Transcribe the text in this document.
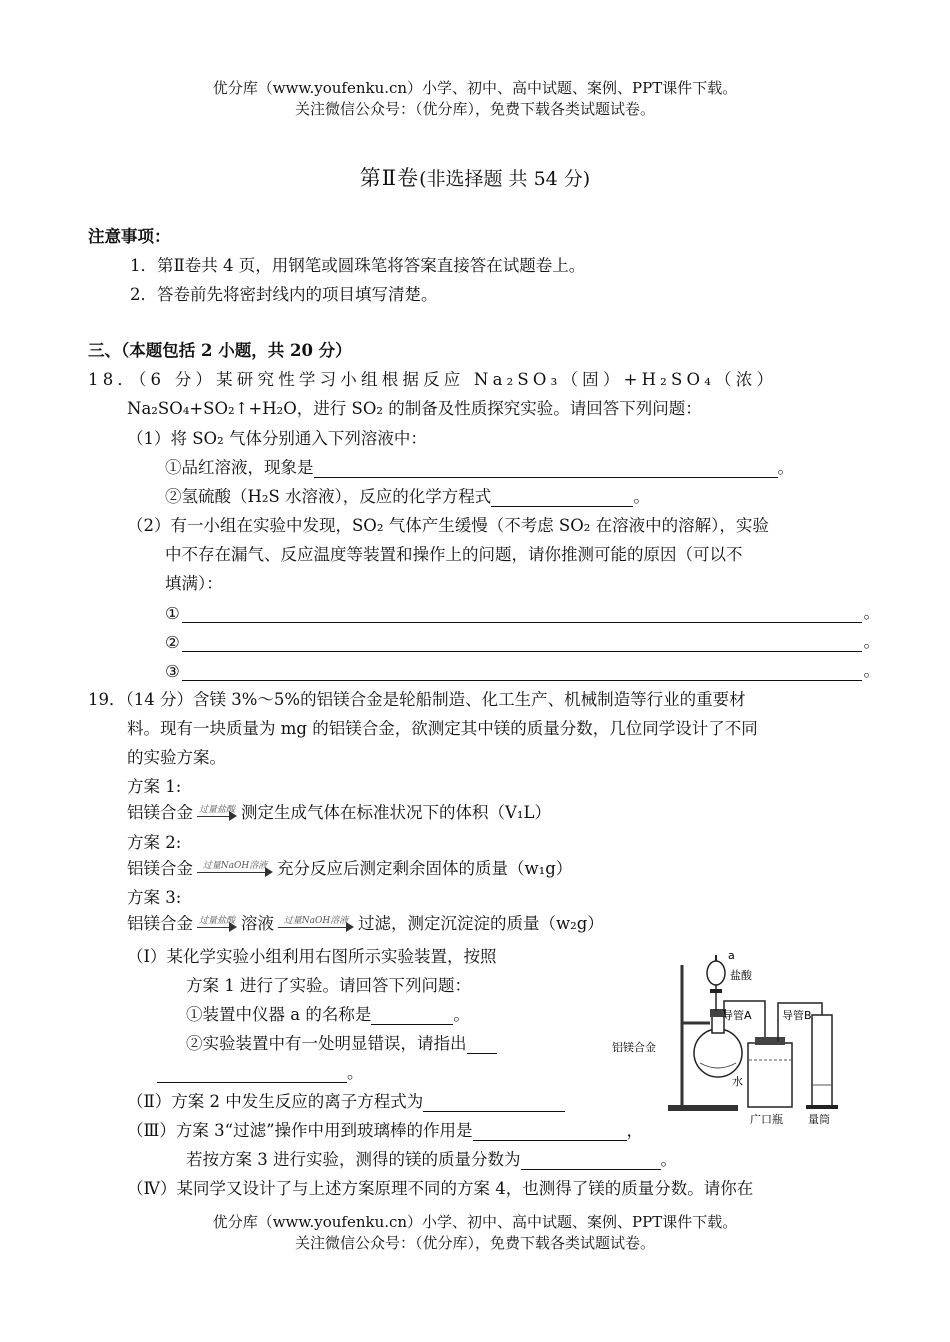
优分库（www.youfenku.cn）小学、初中、高中试题、案例、PPT课件下载。
关注微信公众号：（优分库），免费下载各类试题试卷。
第Ⅱ卷(非选择题 共 54 分)
注意事项：
1．第Ⅱ卷共 4 页，用钢笔或圆珠笔将答案直接答在试题卷上。
2．答卷前先将密封线内的项目填写清楚。
三、（本题包括 2 小题，共 20 分）
18．（6 分）某研究性学习小组根据反应 Na₂SO₃（固）+H₂SO₄（浓）
Na₂SO₄+SO₂↑+H₂O，进行 SO₂ 的制备及性质探究实验。请回答下列问题：
（1）将 SO₂ 气体分别通入下列溶液中：
①品红溶液，现象是	。
②氢硫酸（H₂S 水溶液），反应的化学方程式	。
（2）有一小组在实验中发现，SO₂ 气体产生缓慢（不考虑 SO₂ 在溶液中的溶解），实验
中不存在漏气、反应温度等装置和操作上的问题，请你推测可能的原因（可以不
填满）：
①	。
②	。
③	。
19．（14 分）含镁 3%～5%的铝镁合金是轮船制造、化工生产、机械制造等行业的重要材
料。现有一块质量为 mg 的铝镁合金，欲测定其中镁的质量分数，几位同学设计了不同
的实验方案。
方案 1:
铝镁合金 过量盐酸 测定生成气体在标准状况下的体积（V₁L）
方案 2:
铝镁合金	过量NaOH溶液 充分反应后测定剩余固体的质量（w₁g）
方案 3:
铝镁合金 过量盐酸 溶液	过量NaOH溶液 过滤，测定沉淀淀的质量（w₂g）
（Ⅰ）某化学实验小组利用右图所示实验装置，按照
方案 1 进行了实验。请回答下列问题：
①装置中仪器 a 的名称是	。
②实验装置中有一处明显错误，请指出
。
（Ⅱ）方案 2 中发生反应的离子方程式为
（Ⅲ）方案 3“过滤”操作中用到玻璃棒的作用是	，
若按方案 3 进行实验，测得的镁的质量分数为	。
（Ⅳ）某同学又设计了与上述方案原理不同的方案 4，也测得了镁的质量分数。请你在
a
盐酸
导管A	导管B
铝镁合金
水
广口瓶 量筒
优分库（www.youfenku.cn）小学、初中、高中试题、案例、PPT课件下载。
关注微信公众号：（优分库），免费下载各类试题试卷。
